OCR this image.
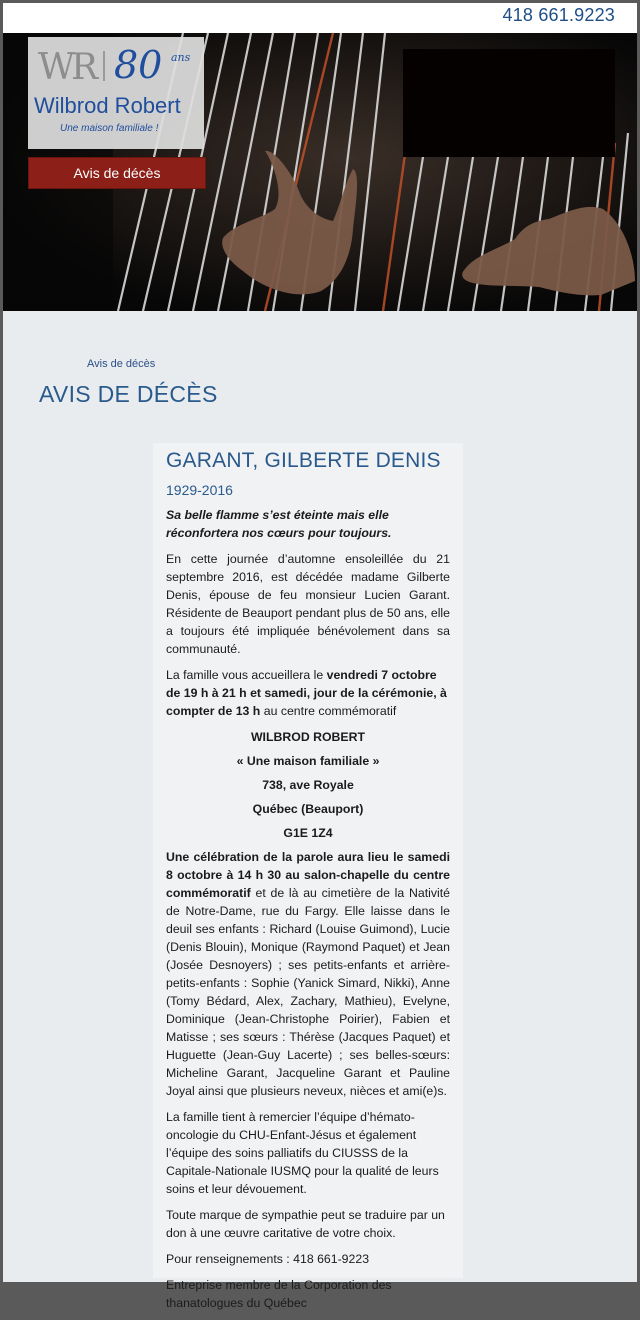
418 661.9223
WR 80 ans
Wilbrod Robert
Une maison familiale !
Avis de décès
Avis de décès
AVIS DE DÉCÈS

GARANT, GILBERTE DENIS

1929-2016

Sa belle flamme s’est éteinte mais elle réconfortera nos cœurs pour toujours.

En cette journée d’automne ensoleillée du 21 septembre 2016, est décédée madame Gilberte Denis, épouse de feu monsieur Lucien Garant. Résidente de Beauport pendant plus de 50 ans, elle a toujours été impliquée bénévolement dans sa communauté.

La famille vous accueillera le vendredi 7 octobre de 19 h à 21 h et samedi, jour de la cérémonie, à compter de 13 h au centre commémoratif

WILBROD ROBERT

« Une maison familiale »

738, ave Royale

Québec (Beauport)

G1E 1Z4

Une célébration de la parole aura lieu le samedi 8 octobre à 14 h 30 au salon-chapelle du centre commémoratif et de là au cimetière de la Nativité de Notre-Dame, rue du Fargy. Elle laisse dans le deuil ses enfants : Richard (Louise Guimond), Lucie (Denis Blouin), Monique (Raymond Paquet) et Jean (Josée Desnoyers) ; ses petits-enfants et arrière-petits-enfants : Sophie (Yanick Simard, Nikki), Anne (Tomy Bédard, Alex, Zachary, Mathieu), Evelyne, Dominique (Jean-Christophe Poirier), Fabien et Matisse ; ses sœurs : Thérèse (Jacques Paquet) et Huguette (Jean-Guy Lacerte) ; ses belles-sœurs: Micheline Garant, Jacqueline Garant et Pauline Joyal ainsi que plusieurs neveux, nièces et ami(e)s.

La famille tient à remercier l’équipe d’hémato-oncologie du CHU-Enfant-Jésus et également l’équipe des soins palliatifs du CIUSSS de la Capitale-Nationale IUSMQ pour la qualité de leurs soins et leur dévouement.

Toute marque de sympathie peut se traduire par un don à une œuvre caritative de votre choix.

Pour renseignements : 418 661-9223

Entreprise membre de la Corporation des thanatologues du Québec
